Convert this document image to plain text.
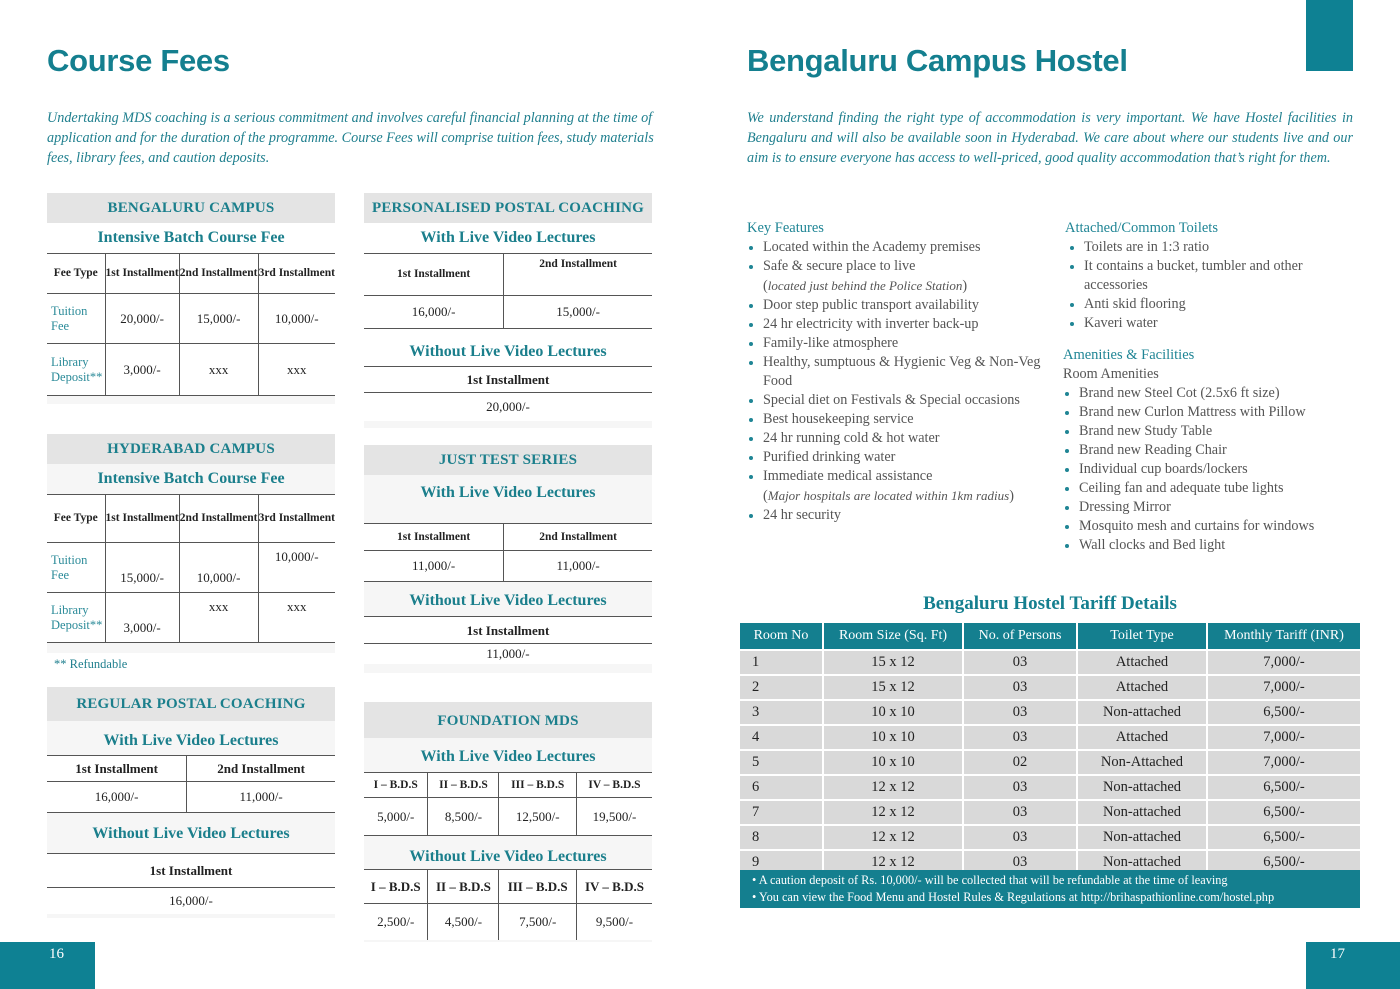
Course Fees

Undertaking MDS coaching is a serious commitment and involves careful financial planning at the time of application and for the duration of the programme. Course Fees will comprise tuition fees, study materials fees, library fees, and caution deposits.

BENGALURU CAMPUS
Intensive Batch Course Fee
Fee Type	1st Installment	2nd Installment	3rd Installment
Tuition Fee	20,000/-	15,000/-	10,000/-
Library Deposit**	3,000/-	xxx	xxx
HYDERABAD CAMPUS
Intensive Batch Course Fee
Fee Type	1st Installment	2nd Installment	3rd Installment
Tuition Fee	15,000/-	10,000/-	10,000/-
Library Deposit**	3,000/-	xxx	xxx
** Refundable
REGULAR POSTAL COACHING
With Live Video Lectures
1st Installment	2nd Installment
16,000/-	11,000/-
Without Live Video Lectures
1st Installment
16,000/-
PERSONALISED POSTAL COACHING
With Live Video Lectures
1st Installment	2nd Installment
16,000/-	15,000/-
Without Live Video Lectures
1st Installment
20,000/-
JUST TEST SERIES
With Live Video Lectures
1st Installment	2nd Installment
11,000/-	11,000/-
Without Live Video Lectures
1st Installment
11,000/-
FOUNDATION MDS
With Live Video Lectures
I – B.D.S	II – B.D.S	III – B.D.S	IV – B.D.S
5,000/-	8,500/-	12,500/-	19,500/-
Without Live Video Lectures
I – B.D.S	II – B.D.S	III – B.D.S	IV – B.D.S
2,500/-	4,500/-	7,500/-	9,500/-
16
Bengaluru Campus Hostel

We understand finding the right type of accommodation is very important. We have Hostel facilities in Bengaluru and will also be available soon in Hyderabad. We care about where our students live and our aim is to ensure everyone has access to well-priced, good quality accommodation that’s right for them.

Key Features
Located within the Academy premises
Safe & secure place to live
(located just behind the Police Station)
Door step public transport availability
24 hr electricity with inverter back-up
Family-like atmosphere
Healthy, sumptuous & Hygienic Veg & Non-Veg Food
Special diet on Festivals & Special occasions
Best housekeeping service
24 hr running cold & hot water
Purified drinking water
Immediate medical assistance
(Major hospitals are located within 1km radius)
24 hr security
Attached/Common Toilets
Toilets are in 1:3 ratio
It contains a bucket, tumbler and other accessories
Anti skid flooring
Kaveri water
Amenities & Facilities
Room Amenities
Brand new Steel Cot (2.5x6 ft size)
Brand new Curlon Mattress with Pillow
Brand new Study Table
Brand new Reading Chair
Individual cup boards/lockers
Ceiling fan and adequate tube lights
Dressing Mirror
Mosquito mesh and curtains for windows
Wall clocks and Bed light
Bengaluru Hostel Tariff Details
Room No	Room Size (Sq. Ft)	No. of Persons	Toilet Type	Monthly Tariff (INR)
1	15 x 12	03	Attached	7,000/-
2	15 x 12	03	Attached	7,000/-
3	10 x 10	03	Non-attached	6,500/-
4	10 x 10	03	Attached	7,000/-
5	10 x 10	02	Non-Attached	7,000/-
6	12 x 12	03	Non-attached	6,500/-
7	12 x 12	03	Non-attached	6,500/-
8	12 x 12	03	Non-attached	6,500/-
9	12 x 12	03	Non-attached	6,500/-
• A caution deposit of Rs. 10,000/- will be collected that will be refundable at the time of leaving
• You can view the Food Menu and Hostel Rules & Regulations at http://brihaspathionline.com/hostel.php
17
